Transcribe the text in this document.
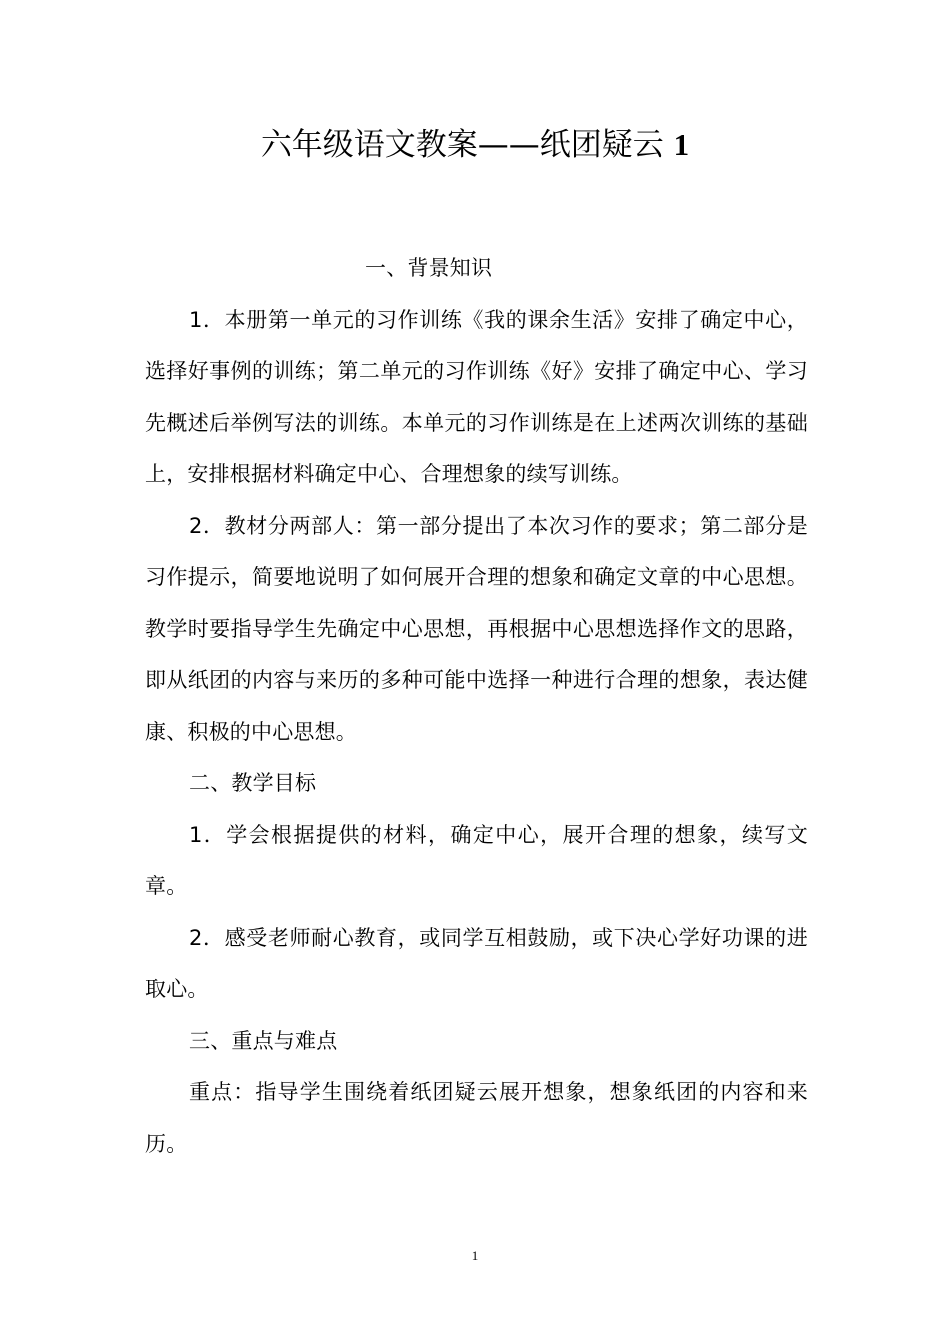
六年级语文教案——纸团疑云 1

一、背景知识

1．本册第一单元的习作训练《我的课余生活》安排了确定中心，选择好事例的训练；第二单元的习作训练《好》安排了确定中心、学习先概述后举例写法的训练。本单元的习作训练是在上述两次训练的基础上，安排根据材料确定中心、合理想象的续写训练。

2．教材分两部人：第一部分提出了本次习作的要求；第二部分是习作提示，简要地说明了如何展开合理的想象和确定文章的中心思想。教学时要指导学生先确定中心思想，再根据中心思想选择作文的思路，即从纸团的内容与来历的多种可能中选择一种进行合理的想象，表达健康、积极的中心思想。

二、教学目标

1．学会根据提供的材料，确定中心，展开合理的想象，续写文章。

2．感受老师耐心教育，或同学互相鼓励，或下决心学好功课的进取心。

三、重点与难点

重点：指导学生围绕着纸团疑云展开想象，想象纸团的内容和来历。

1
